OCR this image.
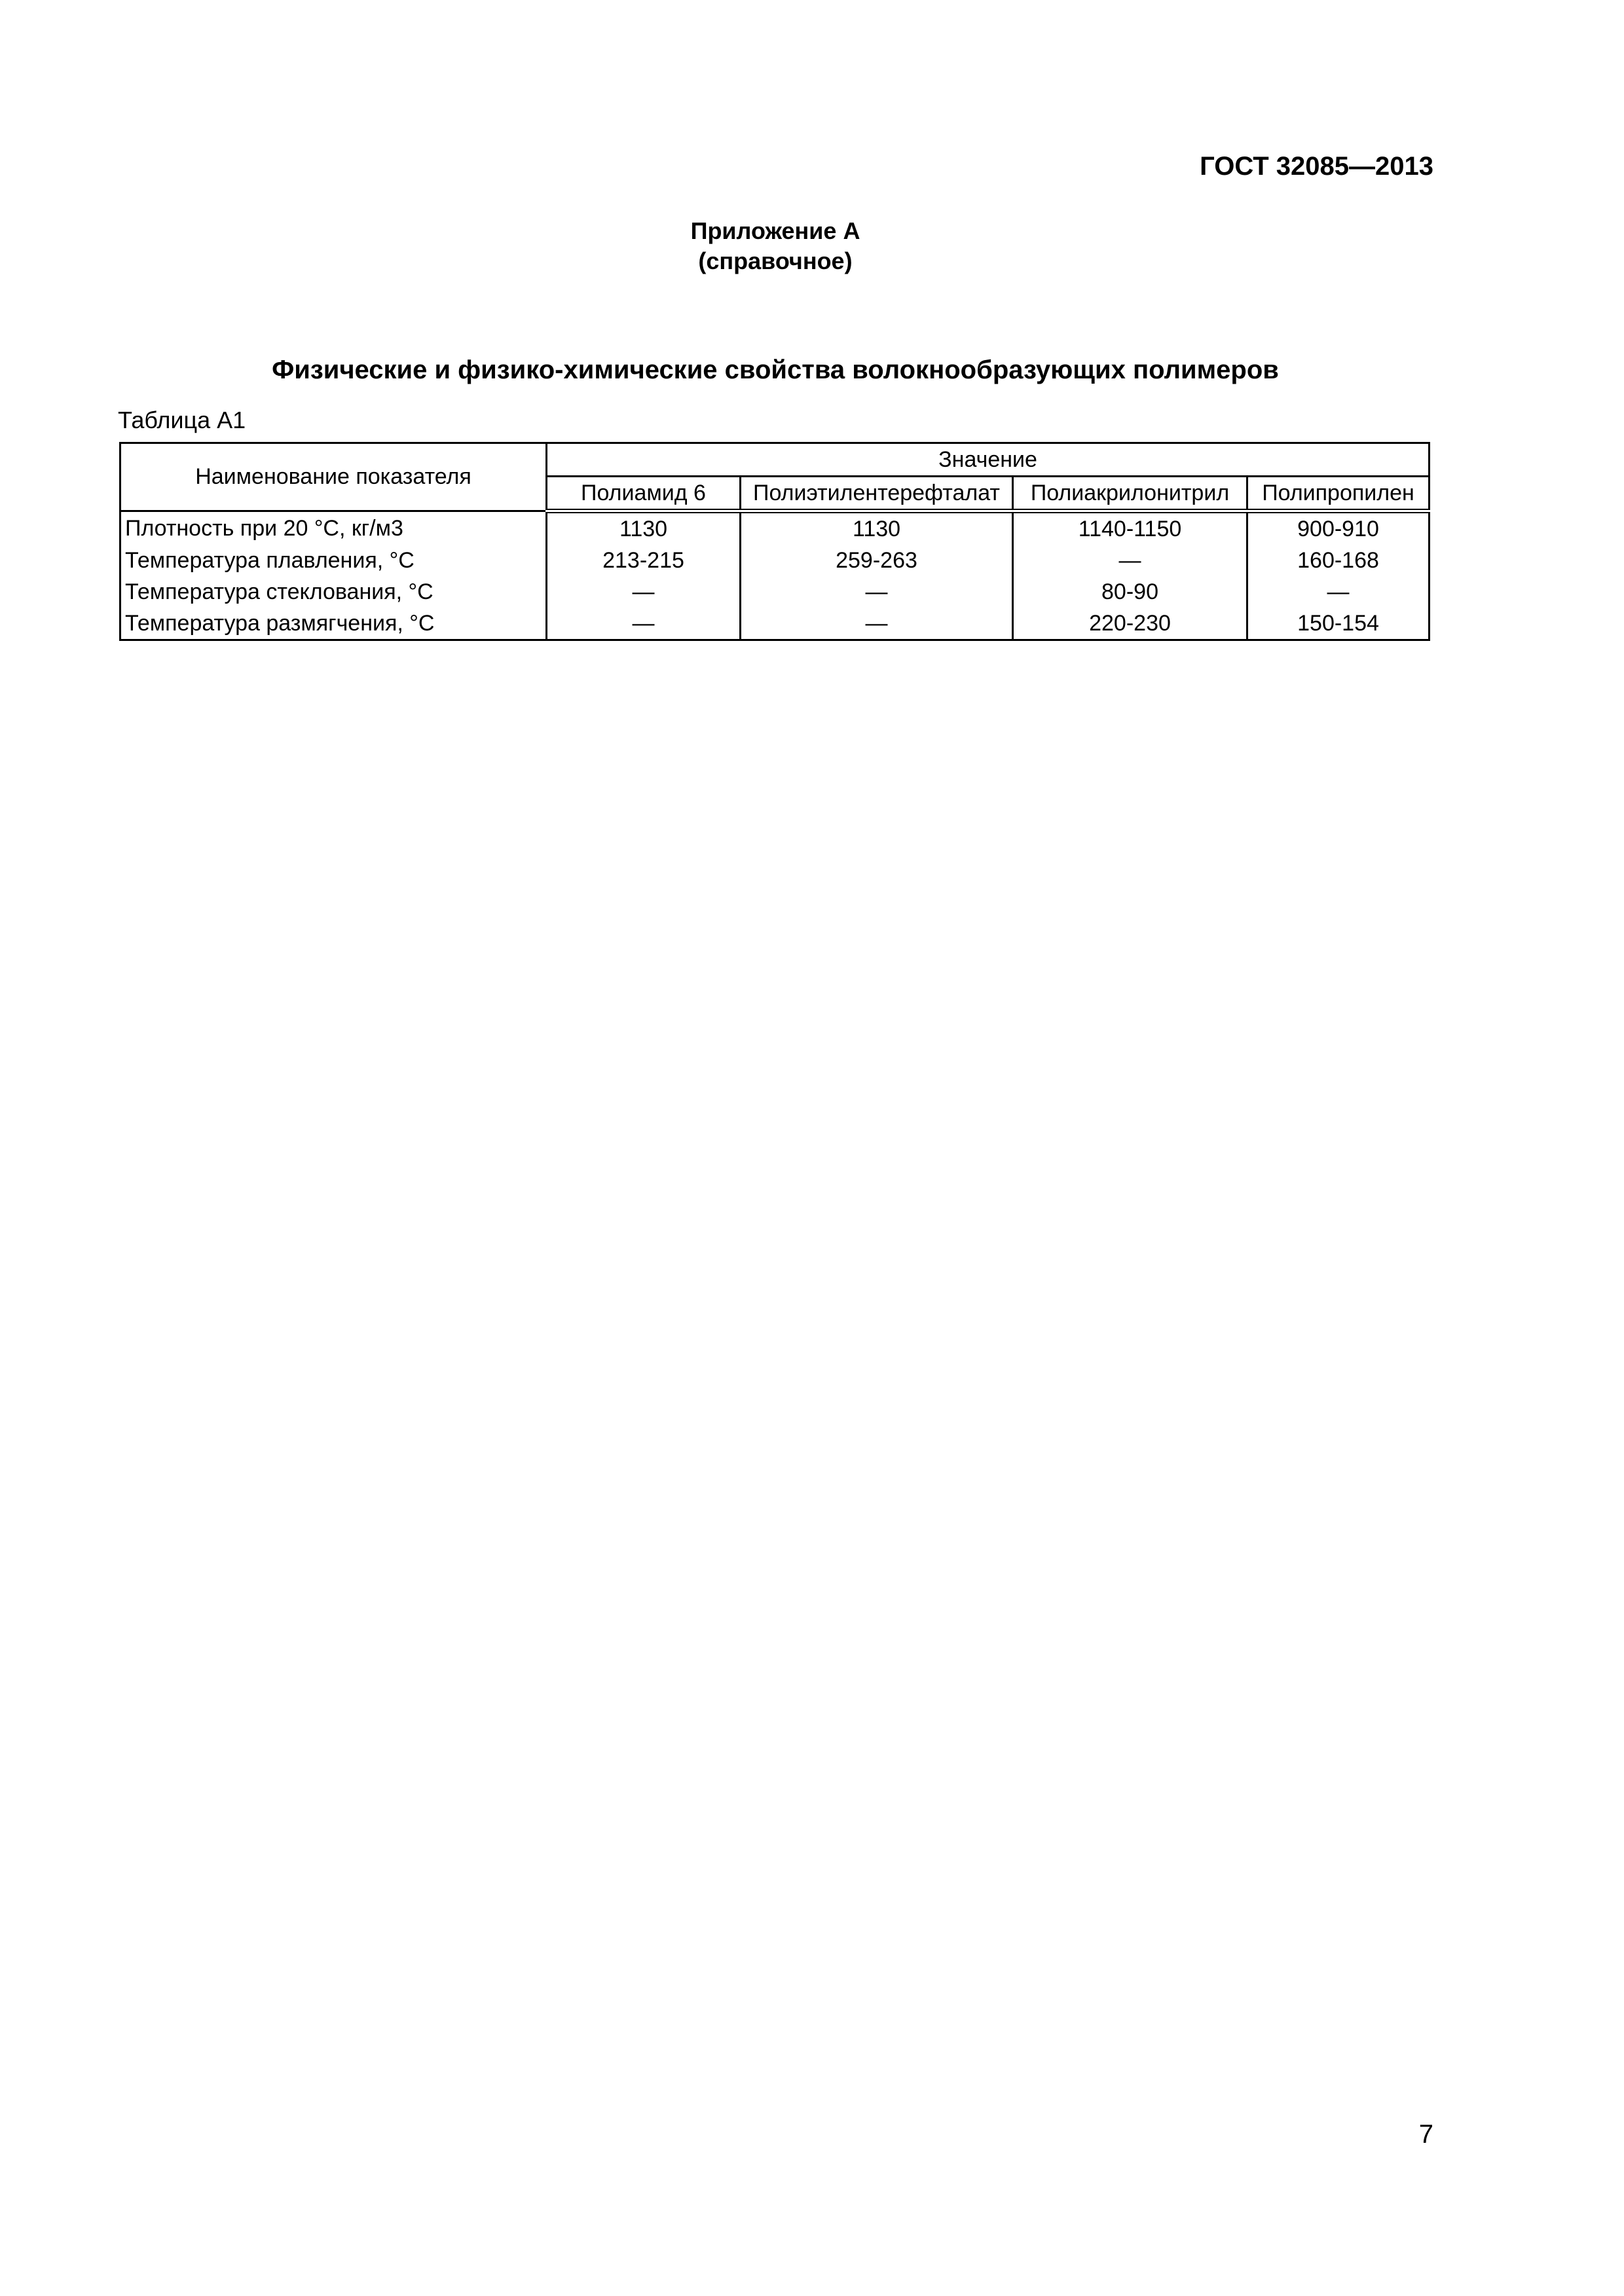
ГОСТ 32085—2013
Приложение А
(справочное)
Физические и физико-химические свойства волокнообразующих полимеров
Таблица А1
Наименование показателя	Значение			
	Полиамид 6	Полиэтилентерефталат	Полиакрилонитрил	Полипропилен
Плотность при 20 °С, кг/м3	1130	1130	1140-1150	900-910
Температура плавления, °С	213-215	259-263	—	160-168
Температура стеклования, °С	—	—	80-90	—
Температура размягчения, °С	—	—	220-230	150-154
7
